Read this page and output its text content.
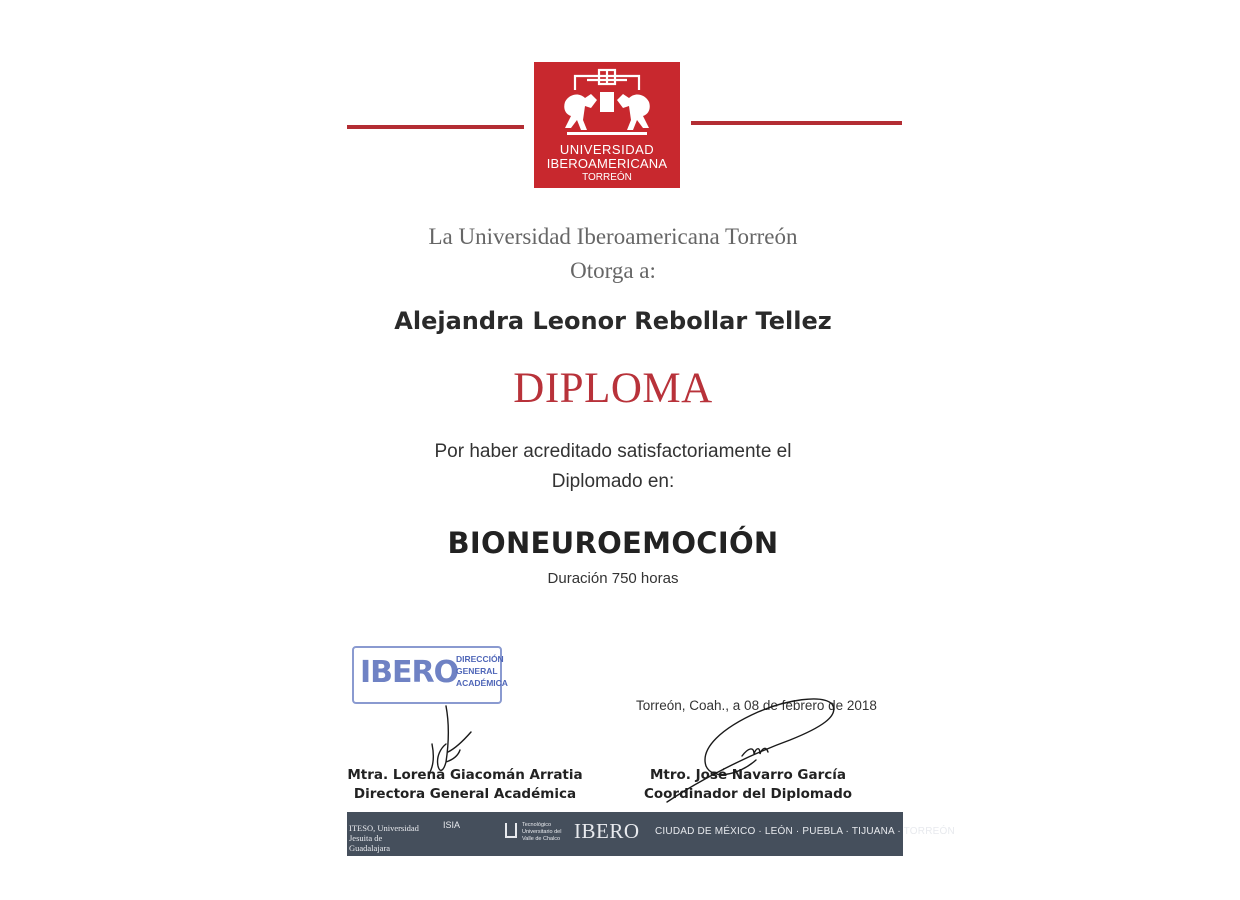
UNIVERSIDAD
IBEROAMERICANA
TORREÓN
La Universidad Iberoamericana Torreón
Otorga a:
Alejandra Leonor Rebollar Tellez
DIPLOMA
Por haber acreditado satisfactoriamente el
Diplomado en:
BIONEUROEMOCIÓN
Duración 750 horas
IBERO
DIRECCIÓN
GENERAL
ACADÉMICA
Torreón, Coah., a 08 de febrero de 2018
Mtra. Lorena Giacomán Arratia
Directora General Académica
Mtro. José Navarro García
Coordinador del Diplomado
ITESO, Universidad
Jesuita de Guadalajara
ISIA	Tecnológico
Universitario del
Valle de Chalco IBERO CIUDAD DE MÉXICO · LEÓN · PUEBLA · TIJUANA · TORREÓN
